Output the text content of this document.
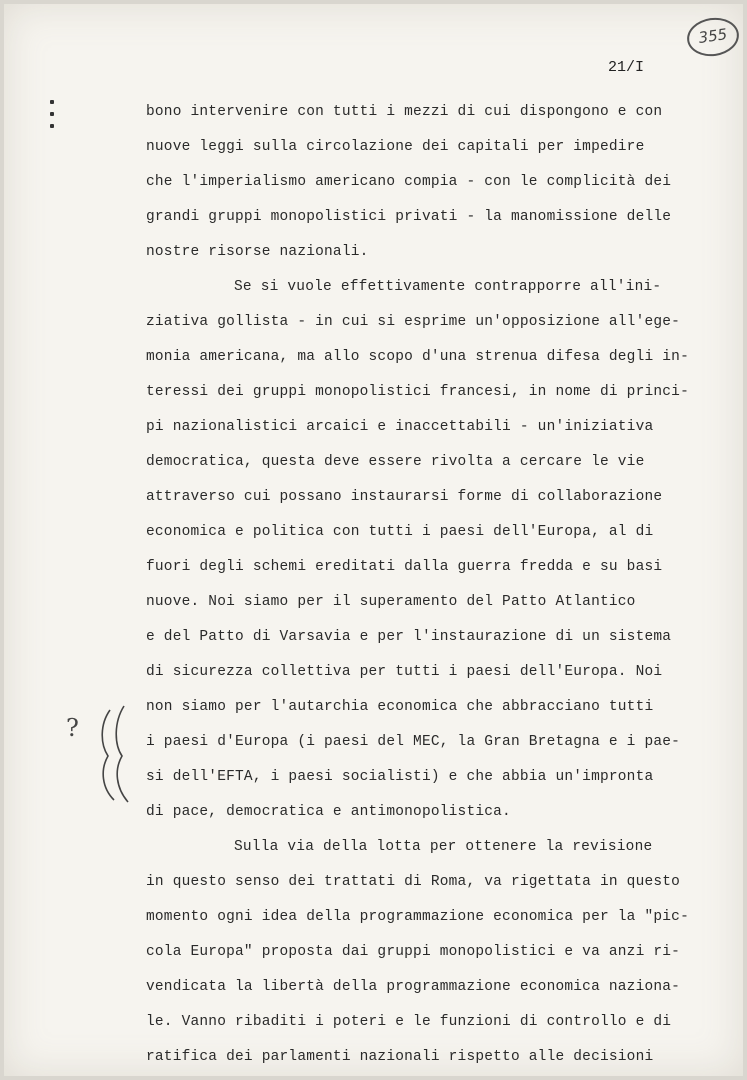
355
21/I
?
bono intervenire con tutti i mezzi di cui dispongono e con
nuove leggi sulla circolazione dei capitali per impedire
che l'imperialismo americano compia - con le complicità dei
grandi gruppi monopolistici privati - la manomissione delle
nostre risorse nazionali.
Se si vuole effettivamente contrapporre all'ini-
ziativa gollista - in cui si esprime un'opposizione all'ege-
monia americana, ma allo scopo d'una strenua difesa degli in-
teressi dei gruppi monopolistici francesi, in nome di princi-
pi nazionalistici arcaici e inaccettabili - un'iniziativa
democratica, questa deve essere rivolta a cercare le vie
attraverso cui possano instaurarsi forme di collaborazione
economica e politica con tutti i paesi dell'Europa, al di
fuori degli schemi ereditati dalla guerra fredda e su basi
nuove. Noi siamo per il superamento del Patto Atlantico
e del Patto di Varsavia e per l'instaurazione di un sistema
di sicurezza collettiva per tutti i paesi dell'Europa. Noi
non siamo per l'autarchia economica che abbracciano tutti
i paesi d'Europa (i paesi del MEC, la Gran Bretagna e i pae-
si dell'EFTA, i paesi socialisti) e che abbia un'impronta
di pace, democratica e antimonopolistica.
Sulla via della lotta per ottenere la revisione
in questo senso dei trattati di Roma, va rigettata in questo
momento ogni idea della programmazione economica per la "pic-
cola Europa" proposta dai gruppi monopolistici e va anzi ri-
vendicata la libertà della programmazione economica naziona-
le. Vanno ribaditi i poteri e le funzioni di controllo e di
ratifica dei parlamenti nazionali rispetto alle decisioni
